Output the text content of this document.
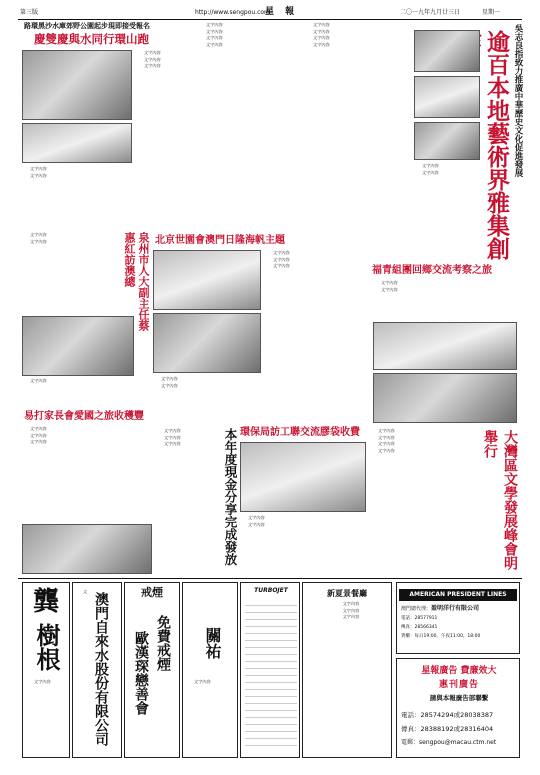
第三版	http://www.sengpou.com
星 報	二〇一九年九月廿三日	星期一
路環黑沙水庫郊野公園起步現即接受報名
慶雙慶與水同行環山跑

文字內容

文字內容

文字內容

文字內容

文字內容

文字內容

文字內容

文字內容

文字內容

文字內容

文字內容

文字內容

文字內容	吳志良指致力推廣中華歷史文化促進發展
逾百本地藝術界雅集創

文字內容

文字內容

泉州市人大副主任蔡惠紅訪澳總	北京世園會澳門日隆海帆主題

文字內容

文字內容

文字內容

文字內容

文字內容

文字內容

文字內容

文字內容

福青組團回鄉交流考察之旅

文字內容

文字內容

易打家長會愛國之旅收穫豐

文字內容

文字內容

文字內容

環保局訪工聯交流膠袋收費

文字內容

文字內容

本年度現金分享完成發放

文字內容

文字內容

文字內容	大灣區文學發展峰會明舉行

文字內容

文字內容

文字內容

文字內容

龔
樹根

文字內容	澳門自來水股份有限公司

文	戒煙
免費戒煙
歐漢琛戀善會	關祐

文字內容

TURBOJET	新夏景餐廳

文字內容

文字內容

文字內容

AMERICAN PRESIDENT LINES
澳門總代理：盈明洋行有限公司
電話：28577911
傳真：28566341
貨櫃：每日19:00，午夜11:00，18:00
星報廣告 費廉效大
惠刊廣告
請與本報廣告部聯繫
電話：28574294或28038387
傳真：28388192或28316404
電郵：sengpou@macau.ctm.net
